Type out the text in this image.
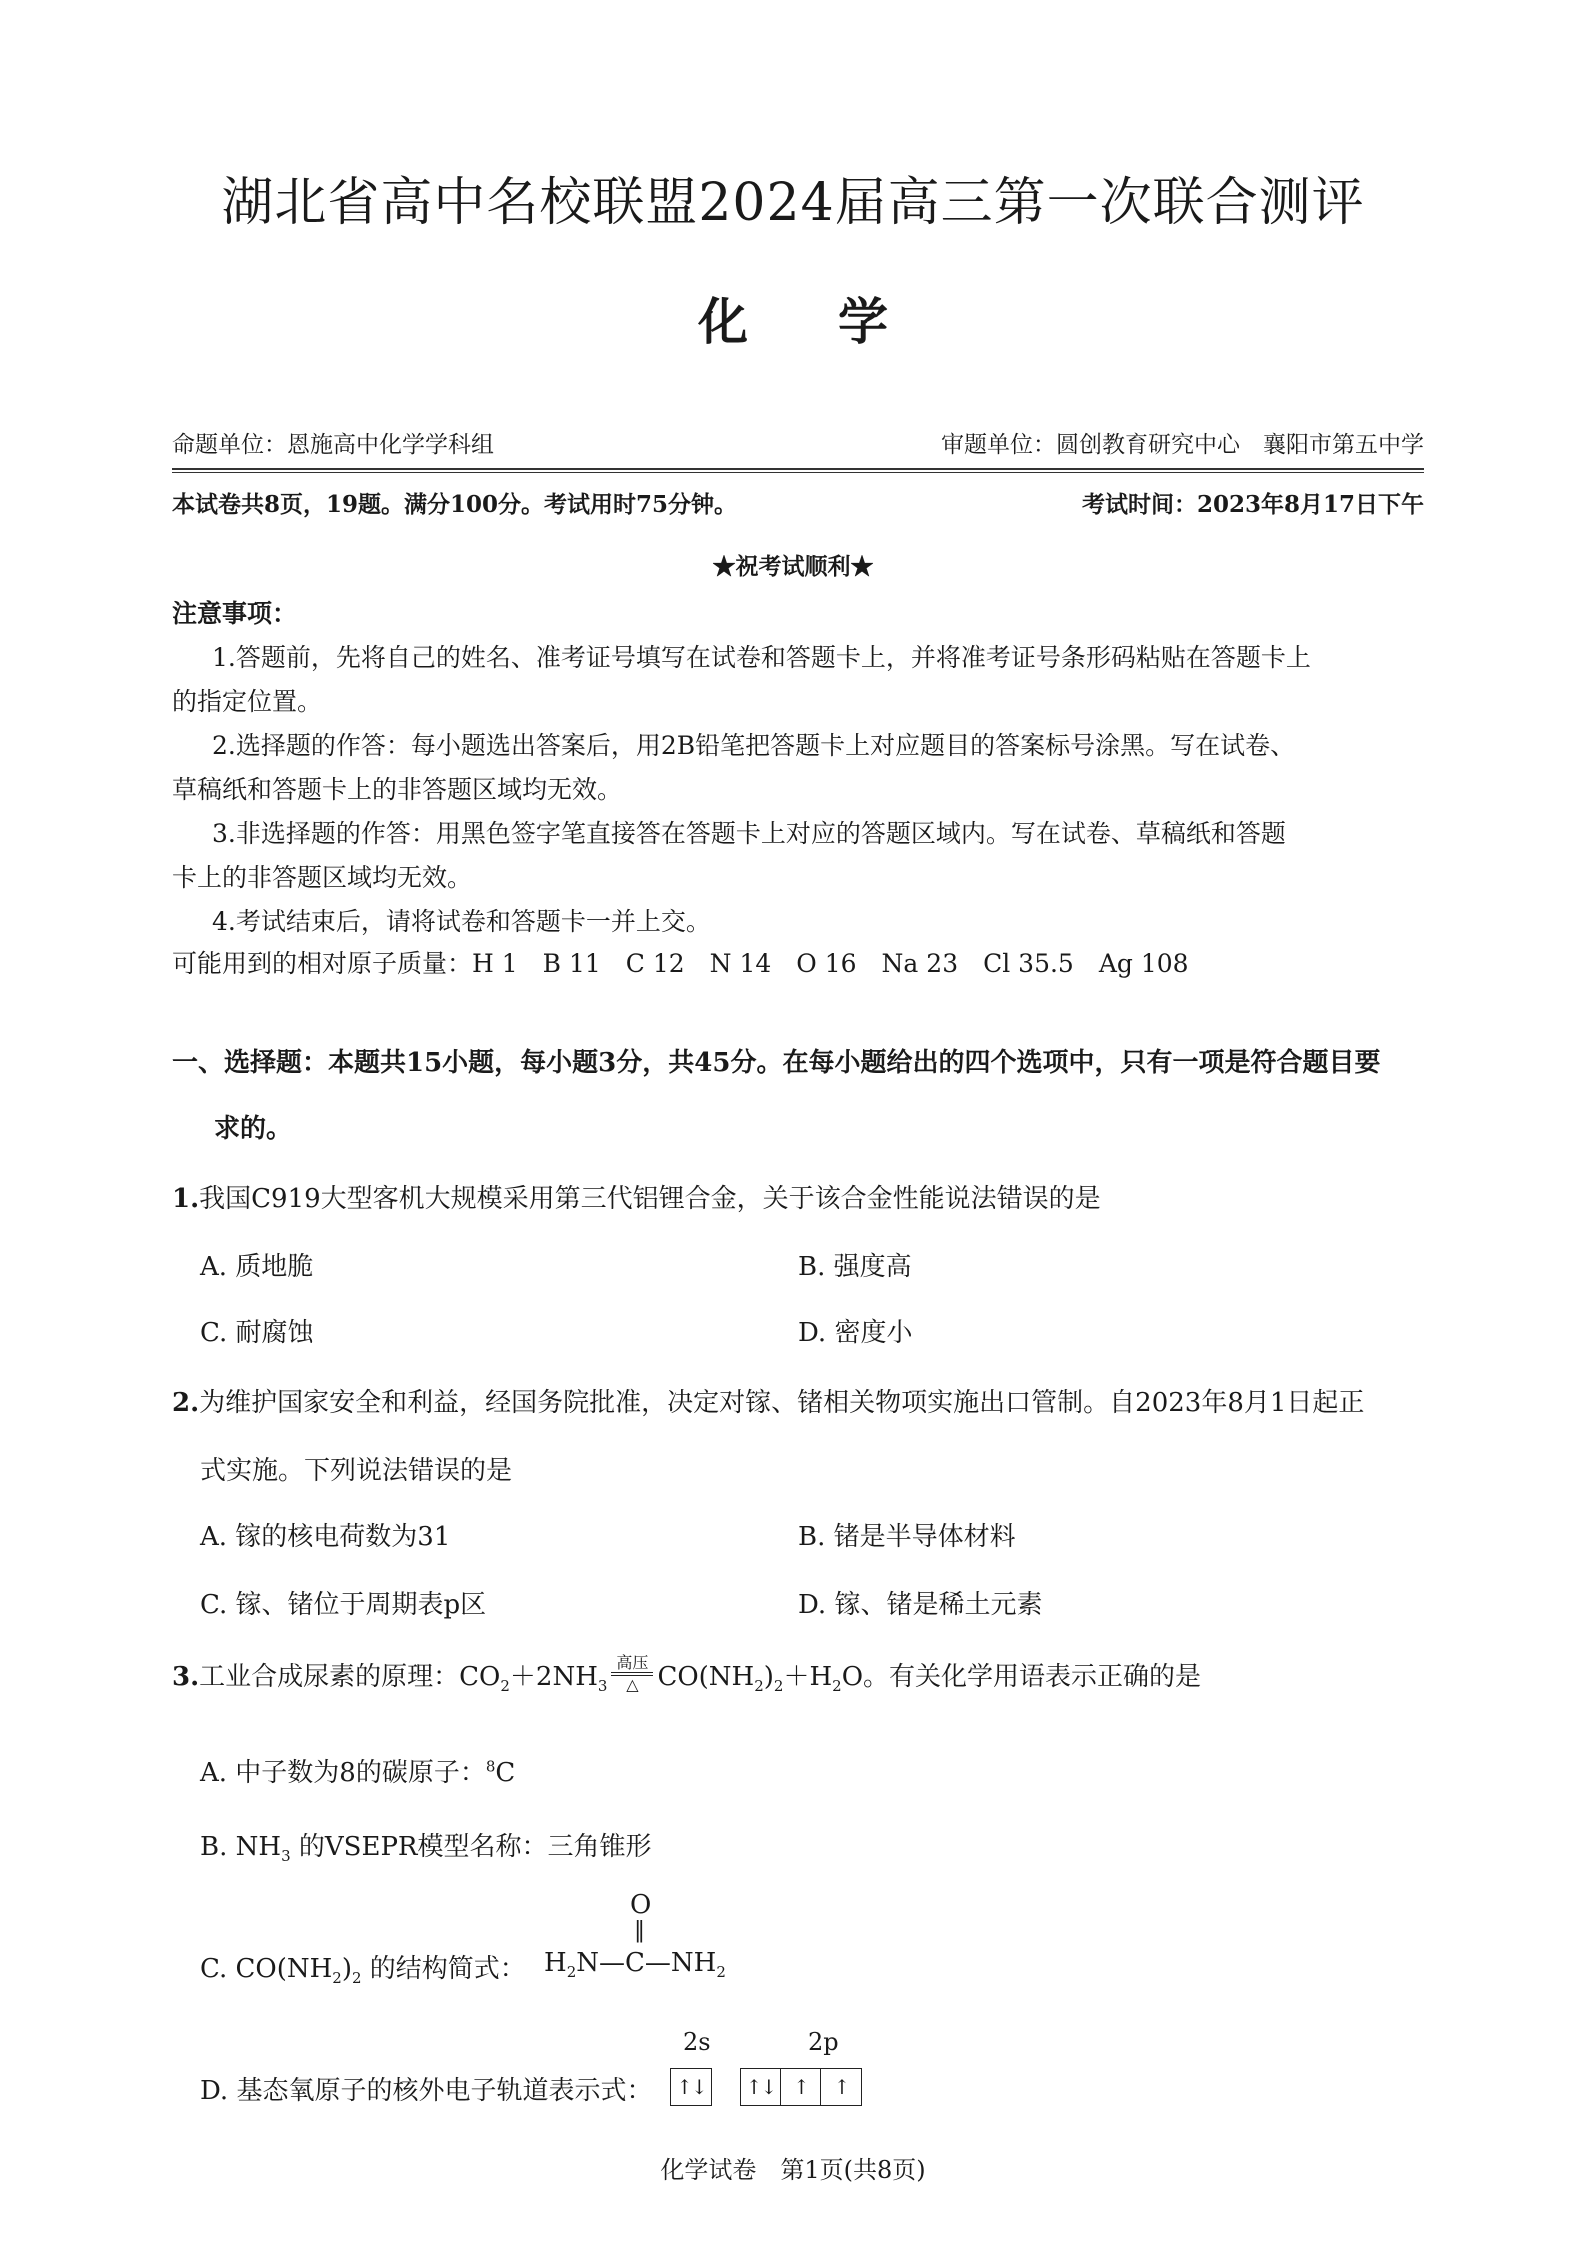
湖北省高中名校联盟2024届高三第一次联合测评
化学
命题单位：恩施高中化学学科组	审题单位：圆创教育研究中心　襄阳市第五中学
本试卷共8页，19题。满分100分。考试用时75分钟。	考试时间：2023年8月17日下午
★祝考试顺利★
注意事项：
1.答题前，先将自己的姓名、准考证号填写在试卷和答题卡上，并将准考证号条形码粘贴在答题卡上
的指定位置。
2.选择题的作答：每小题选出答案后，用2B铅笔把答题卡上对应题目的答案标号涂黑。写在试卷、
草稿纸和答题卡上的非答题区域均无效。
3.非选择题的作答：用黑色签字笔直接答在答题卡上对应的答题区域内。写在试卷、草稿纸和答题
卡上的非答题区域均无效。
4.考试结束后，请将试卷和答题卡一并上交。
可能用到的相对原子质量：H 1　B 11　C 12　N 14　O 16　Na 23　Cl 35.5　Ag 108
一、选择题：本题共15小题，每小题3分，共45分。在每小题给出的四个选项中，只有一项是符合题目要
求的。
1.我国C919大型客机大规模采用第三代铝锂合金，关于该合金性能说法错误的是
A. 质地脆	B. 强度高
C. 耐腐蚀	D. 密度小
2.为维护国家安全和利益，经国务院批准，决定对镓、锗相关物项实施出口管制。自2023年8月1日起正
式实施。下列说法错误的是
A. 镓的核电荷数为31	B. 锗是半导体材料
C. 镓、锗位于周期表p区	D. 镓、锗是稀土元素
3.工业合成尿素的原理：$CO_2+2NH_3$
高压
△ $CO(NH_2)_2+H_2O$。有关化学用语表示正确的是
A. 中子数为8的碳原子：$^8$C
B. $NH_3$ 的VSEPR模型名称：三角锥形
C. $CO(NH_2)_2$ 的结构简式：
O
‖
$H_2N—C—NH_2$
D. 基态氧原子的核外电子轨道表示式：
2s	2p
↑↓ ↑↓ ↑	↑
化学试卷　第1页(共8页)
